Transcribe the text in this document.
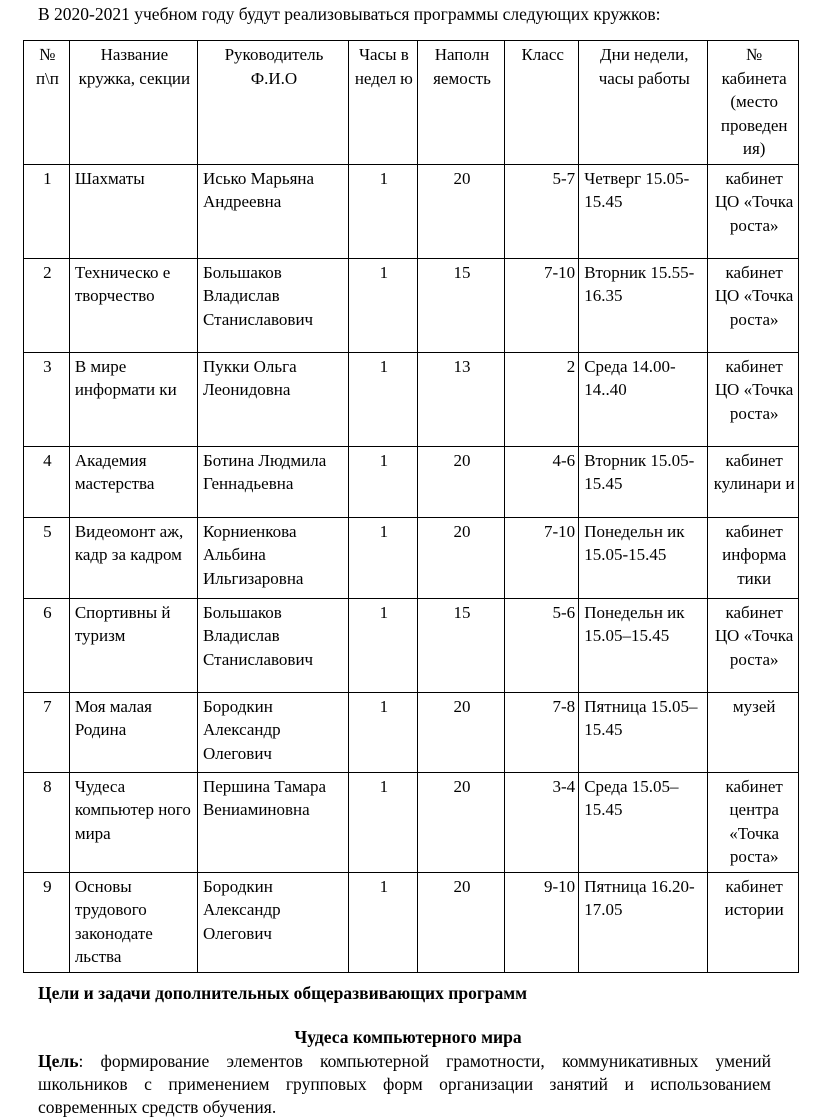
В 2020-2021 учебном году будут реализовываться программы следующих кружков:
№ п\п	Название кружка, секции	Руководитель Ф.И.О	Часы в недел ю	Наполн яемость	Класс	Дни недели, часы работы	№ кабинета (место проведен ия)
1	Шахматы	Исько Марьяна Андреевна	1	20	5-7	Четверг 15.05-15.45	кабинет ЦО «Точка роста»
2	Техническо е творчество	Большаков Владислав Станиславович	1	15	7-10	Вторник 15.55-16.35	кабинет ЦО «Точка роста»
3	В мире информати ки	Пукки Ольга Леонидовна	1	13	2	Среда 14.00-14..40	кабинет ЦО «Точка роста»
4	Академия мастерства	Ботина Людмила Геннадьевна	1	20	4-6	Вторник 15.05-15.45	кабинет кулинари и
5	Видеомонт аж, кадр за кадром	Корниенкова Альбина Ильгизаровна	1	20	7-10	Понедельн ик 15.05-15.45	кабинет информа тики
6	Спортивны й туризм	Большаков Владислав Станиславович	1	15	5-6	Понедельн ик 15.05–15.45	кабинет ЦО «Точка роста»
7	Моя малая Родина	Бородкин Александр Олегович	1	20	7-8	Пятница 15.05–15.45	музей
8	Чудеса компьютер ного мира	Першина Тамара Вениаминовна	1	20	3-4	Среда 15.05–15.45	кабинет центра «Точка роста»
9	Основы трудового законодате льства	Бородкин Александр Олегович	1	20	9-10	Пятница 16.20- 17.05	кабинет истории
Цели и задачи дополнительных общеразвивающих программ
Чудеса компьютерного мира
Цель: формирование элементов компьютерной грамотности, коммуникативных умений школьников с применением групповых форм организации занятий и использованием современных средств обучения.
